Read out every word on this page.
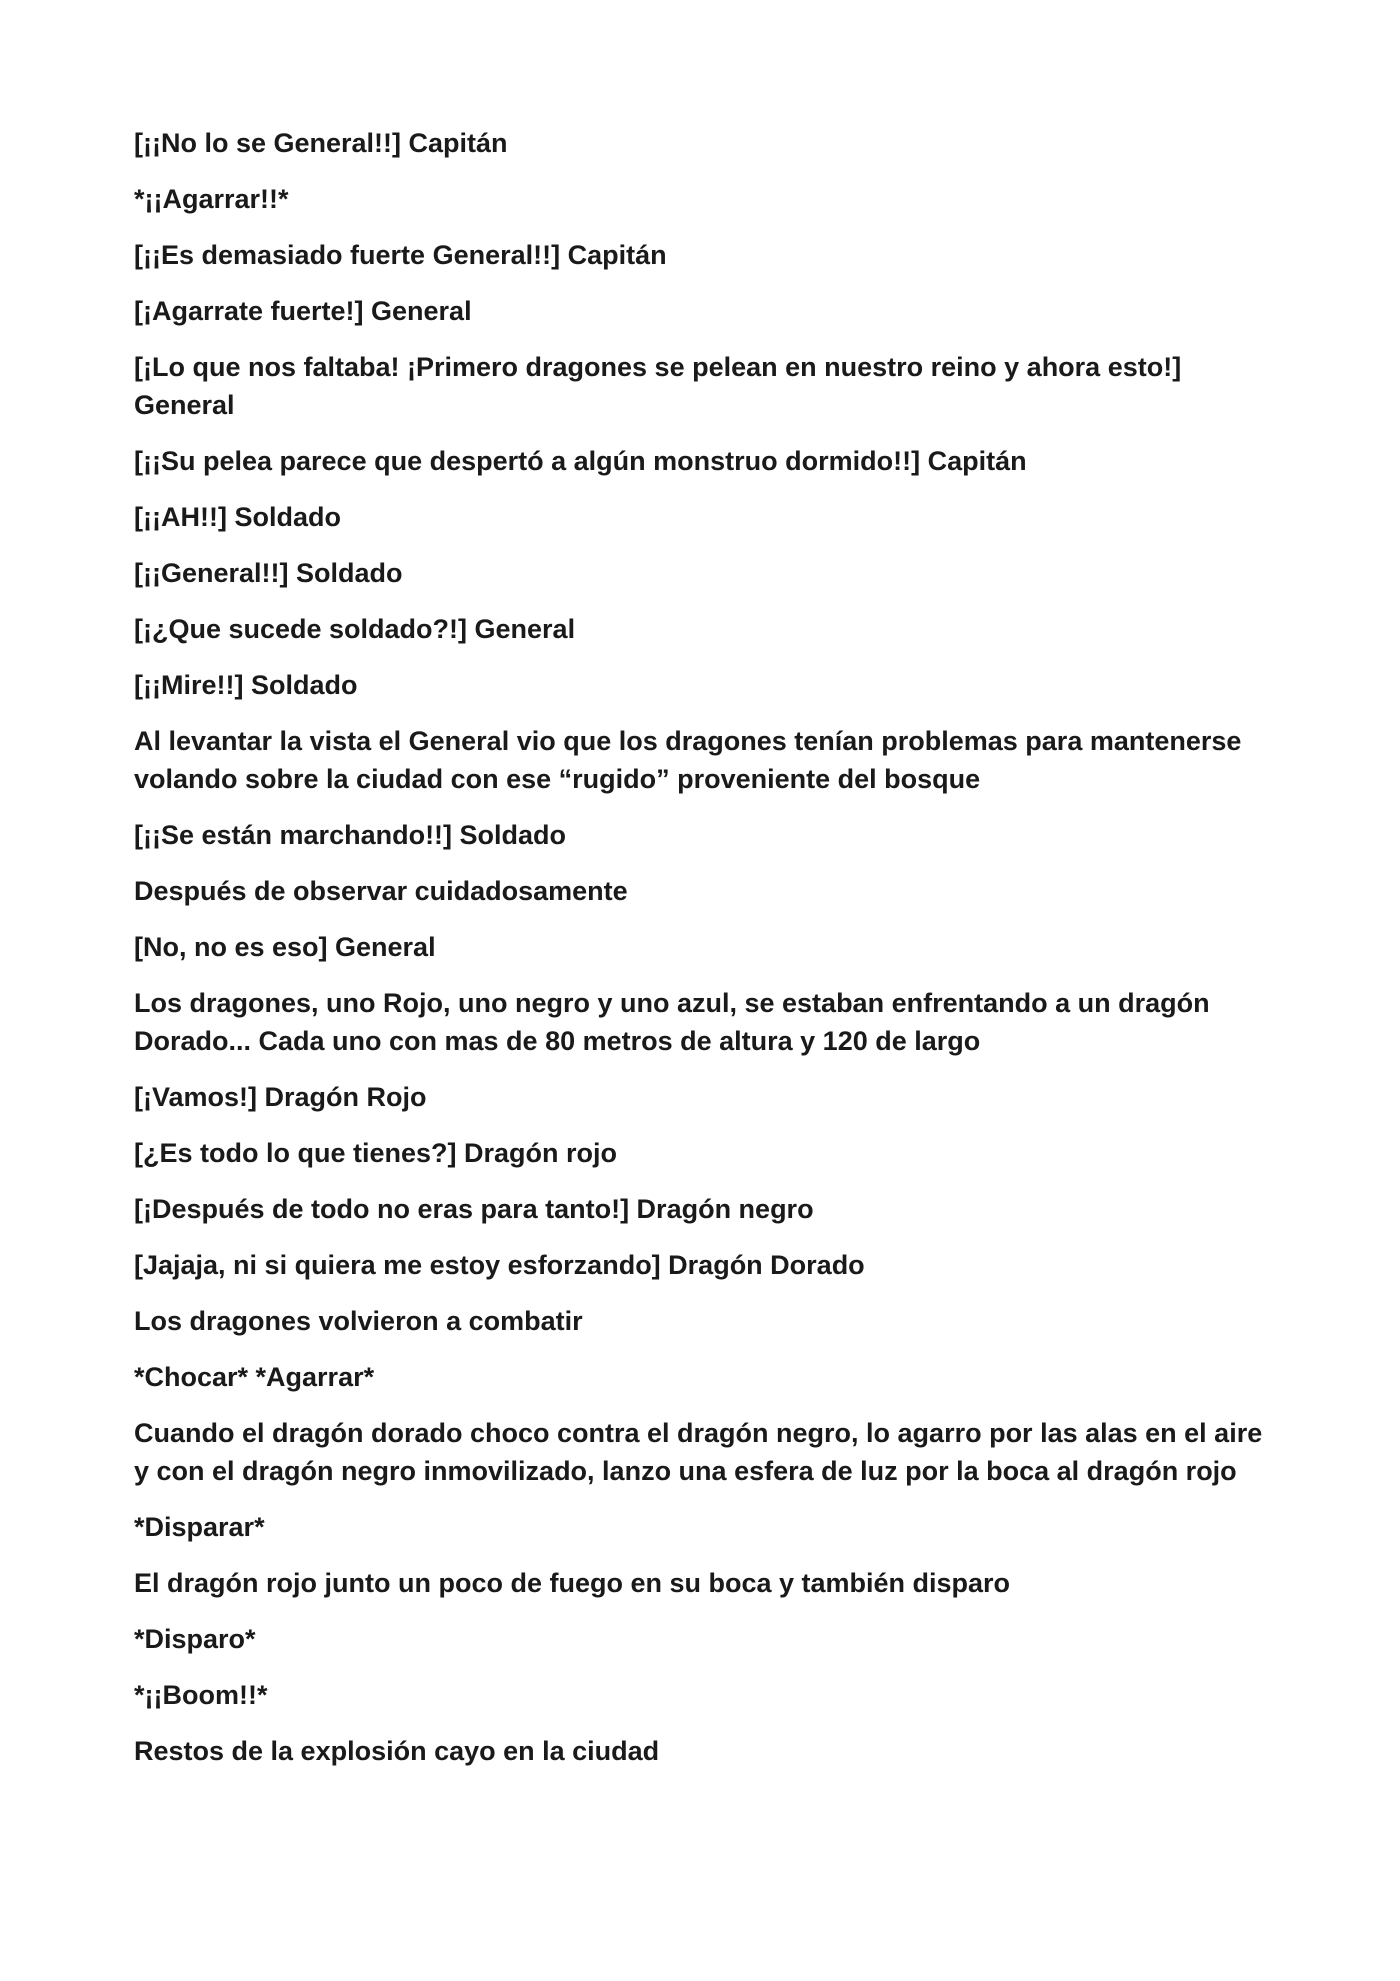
[¡¡No lo se General!!] Capitán

*¡¡Agarrar!!*

[¡¡Es demasiado fuerte General!!] Capitán

[¡Agarrate fuerte!] General

[¡Lo que nos faltaba! ¡Primero dragones se pelean en nuestro reino y ahora esto!] General

[¡¡Su pelea parece que despertó a algún monstruo dormido!!] Capitán

[¡¡AH!!] Soldado

[¡¡General!!] Soldado

[¡¿Que sucede soldado?!] General

[¡¡Mire!!] Soldado

Al levantar la vista el General vio que los dragones tenían problemas para mantenerse volando sobre la ciudad con ese “rugido” proveniente del bosque

[¡¡Se están marchando!!] Soldado

Después de observar cuidadosamente

[No, no es eso] General

Los dragones, uno Rojo, uno negro y uno azul, se estaban enfrentando a un dragón Dorado... Cada uno con mas de 80 metros de altura y 120 de largo

[¡Vamos!] Dragón Rojo

[¿Es todo lo que tienes?] Dragón rojo

[¡Después de todo no eras para tanto!] Dragón negro

[Jajaja, ni si quiera me estoy esforzando] Dragón Dorado

Los dragones volvieron a combatir

*Chocar* *Agarrar*

Cuando el dragón dorado choco contra el dragón negro, lo agarro por las alas en el aire y con el dragón negro inmovilizado, lanzo una esfera de luz por la boca al dragón rojo

*Disparar*

El dragón rojo junto un poco de fuego en su boca y también disparo

*Disparo*

*¡¡Boom!!*

Restos de la explosión cayo en la ciudad
